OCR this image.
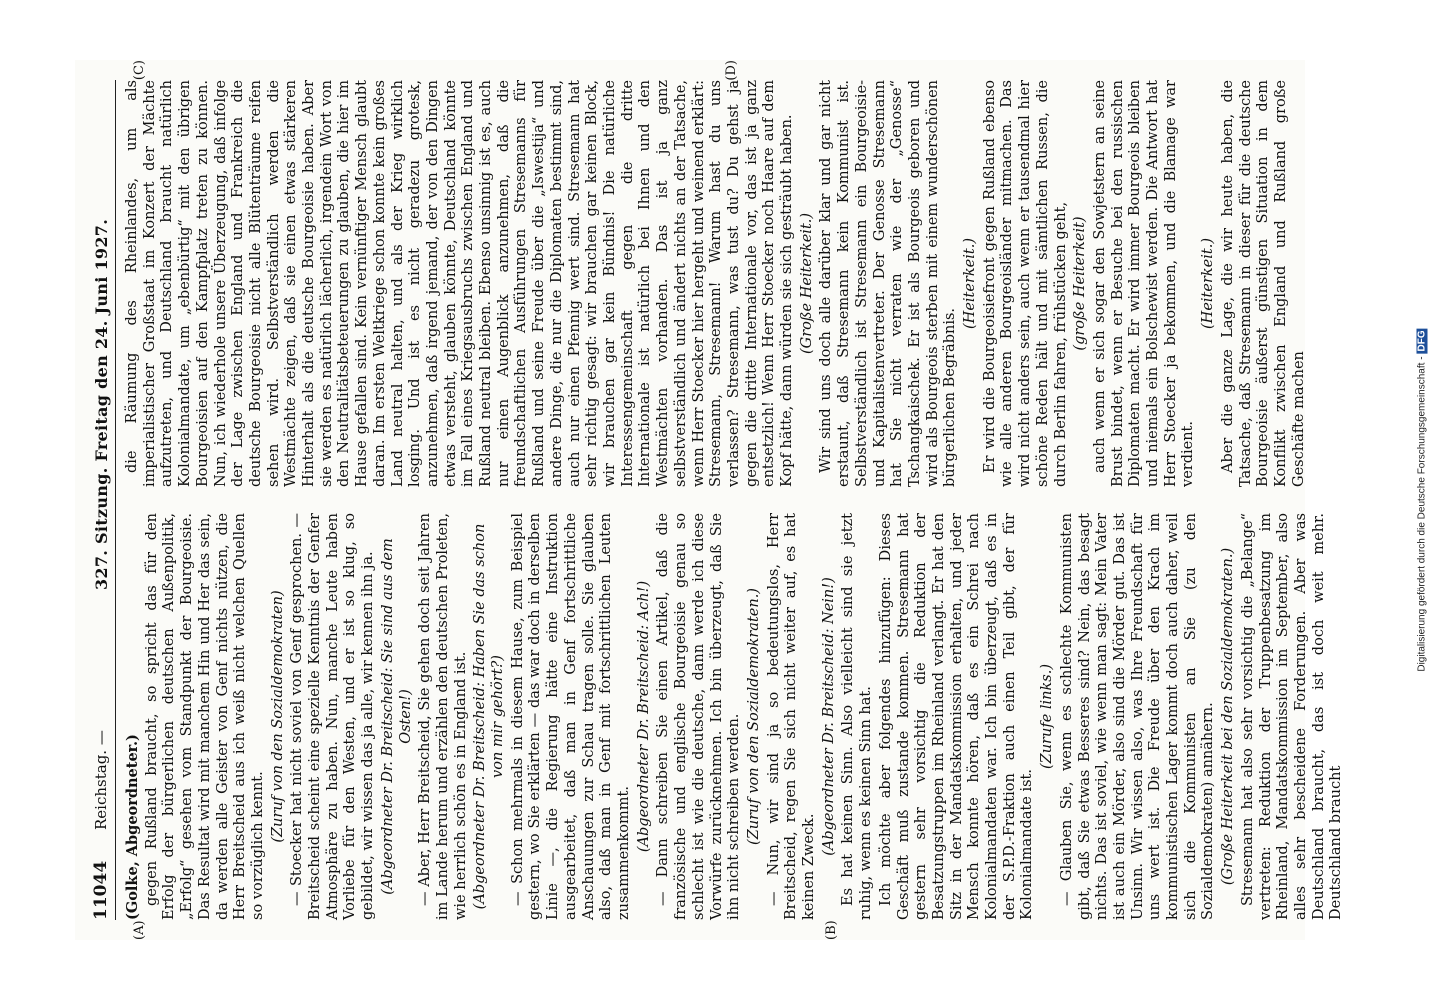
11044
Reichstag. —
327. Sitzung. Freitag den 24. Juni 1927.
(A)	(B)
(C)	(D)

(Golke, Abgeordneter.) gegen Rußland braucht, so spricht das für den Erfolg der bürgerlichen deutschen Außenpolitik, „Erfolg“ gesehen vom Standpunkt der Bourgeoisie. Das Resultat wird mit manchem Hin und Her das sein, da werden alle Geister von Genf nichts nützen, die Herr Breitscheid aus ich weiß nicht welchen Quellen so vorzüglich kennt.

(Zuruf von den Sozialdemokraten) — Stoecker hat nicht soviel von Genf gesprochen. — Breitscheid scheint eine spezielle Kenntnis der Genfer Atmosphäre zu haben. Nun, manche Leute haben Vorliebe für den Westen, und er ist so klug, so gebildet, wir wissen das ja alle, wir kennen ihn ja. (Abgeordneter Dr. Breitscheid: Sie sind aus dem Osten!) — Aber, Herr Breitscheid, Sie gehen doch seit Jahren im Lande herum und erzählen den deutschen Proleten, wie herrlich schön es in England ist. (Abgeordneter Dr. Breitscheid: Haben Sie das schon von mir gehört?) — Schon mehrmals in diesem Hause, zum Beispiel gestern, wo Sie erklärten — das war doch in derselben Linie —, die Regierung hätte eine Instruktion ausgearbeitet, daß man in Genf fortschrittliche Anschauungen zur Schau tragen solle. Sie glauben also, daß man in Genf mit fortschrittlichen Leuten zusammenkommt.

(Abgeordneter Dr. Breitscheid: Ach!) — Dann schreiben Sie einen Artikel, daß die französische und englische Bourgeoisie genau so schlecht ist wie die deutsche, dann werde ich diese Vorwürfe zurücknehmen. Ich bin überzeugt, daß Sie ihn nicht schreiben werden. (Zuruf von den Sozialdemokraten.) — Nun, wir sind ja so bedeutungslos, Herr Breitscheid, regen Sie sich nicht weiter auf, es hat keinen Zweck.

(Abgeordneter Dr. Breitscheid: Nein!) Es hat keinen Sinn. Also vielleicht sind sie jetzt ruhig, wenn es keinen Sinn hat. Ich möchte aber folgendes hinzufügen: Dieses Geschäft muß zustande kommen. Stresemann hat gestern sehr vorsichtig die Reduktion der Besatzungstruppen im Rheinland verlangt. Er hat den Sitz in der Mandatskommission erhalten, und jeder Mensch konnte hören, daß es ein Schrei nach Kolonialmandaten war. Ich bin überzeugt, daß es in der S.P.D.-Fraktion auch einen Teil gibt, der für Kolonialmandate ist.

(Zurufe links.) — Glauben Sie, wenn es schlechte Kommunisten gibt, daß Sie etwas Besseres sind? Nein, das besagt nichts. Das ist soviel, wie wenn man sagt: Mein Vater ist auch ein Mörder, also sind die Mörder gut. Das ist Unsinn. Wir wissen also, was Ihre Freundschaft für uns wert ist. Die Freude über den Krach im kommunistischen Lager kommt doch auch daher, weil sich die Kommunisten an Sie (zu den Sozialdemokraten) annähern. (Große Heiterkeit bei den Sozialdemokraten.) Stresemann hat also sehr vorsichtig die „Belange“ vertreten: Reduktion der Truppenbesatzung im Rheinland, Mandatskommission im September, also alles sehr bescheidene Forderungen. Aber was Deutschland braucht, das ist doch weit mehr. Deutschland braucht

die Räumung des Rheinlandes, um als imperialistischer Großstaat im Konzert der Mächte aufzutreten, und Deutschland braucht natürlich Kolonialmandate, um „ebenbürtig“ mit den übrigen Bourgeoisien auf den Kampfplatz treten zu können. Nun, ich wiederhole unsere Überzeugung, daß infolge der Lage zwischen England und Frankreich die deutsche Bourgeoisie nicht alle Blütenträume reifen sehen wird. Selbstverständlich werden die Westmächte zeigen, daß sie einen etwas stärkeren Hinterhalt als die deutsche Bourgeoisie haben. Aber sie werden es natürlich lächerlich, irgendein Wort von den Neutralitätsbeteuerungen zu glauben, die hier im Hause gefallen sind. Kein vernünftiger Mensch glaubt daran. Im ersten Weltkriege schon konnte kein großes Land neutral halten, und als der Krieg wirklich losging. Und ist es nicht geradezu grotesk, anzunehmen, daß irgend jemand, der von den Dingen etwas versteht, glauben könnte, Deutschland könnte im Fall eines Kriegsausbruchs zwischen England und Rußland neutral bleiben. Ebenso unsinnig ist es, auch nur einen Augenblick anzunehmen, daß die freundschaftlichen Ausführungen Stresemanns für Rußland und seine Freude über die „Iswestija“ und andere Dinge, die nur die Diplomaten bestimmt sind, auch nur einen Pfennig wert sind. Stresemann hat sehr richtig gesagt: wir brauchen gar keinen Block, wir brauchen gar kein Bündnis! Die natürliche Interessengemeinschaft gegen die dritte Internationale ist natürlich bei Ihnen und den Westmächten vorhanden. Das ist ja ganz selbstverständlich und ändert nichts an der Tatsache, wenn Herr Stoecker hier hergeht und weinend erklärt: Stresemann, Stresemann! Warum hast du uns verlassen? Stresemann, was tust du? Du gehst ja gegen die dritte Internationale vor, das ist ja ganz entsetzlich! Wenn Herr Stoecker noch Haare auf dem Kopf hätte, dann würden sie sich gesträubt haben. (Große Heiterkeit.) Wir sind uns doch alle darüber klar und gar nicht erstaunt, daß Stresemann kein Kommunist ist. Selbstverständlich ist Stresemann ein Bourgeoisie- und Kapitalistenvertreter. Der Genosse Stresemann hat Sie nicht verraten wie der „Genosse“ Tschangkaischek. Er ist als Bourgeois geboren und wird als Bourgeois sterben mit einem wunderschönen bürgerlichen Begräbnis.

(Heiterkeit.) Er wird die Bourgeoisiefront gegen Rußland ebenso wie alle anderen Bourgeoisländer mitmachen. Das wird nicht anders sein, auch wenn er tausendmal hier schöne Reden hält und mit sämtlichen Russen, die durch Berlin fahren, frühstücken geht, (große Heiterkeit) auch wenn er sich sogar den Sowjetstern an seine Brust bindet, wenn er Besuche bei den russischen Diplomaten macht. Er wird immer Bourgeois bleiben und niemals ein Bolschewist werden. Die Antwort hat Herr Stoecker ja bekommen, und die Blamage war verdient.

(Heiterkeit.) Aber die ganze Lage, die wir heute haben, die Tatsache, daß Stresemann in dieser für die deutsche Bourgeoisie äußerst günstigen Situation in dem Konflikt zwischen England und Rußland große Geschäfte machen	Digitalisierung gefördert durch die Deutsche Forschungsgemeinschaft -DFG
